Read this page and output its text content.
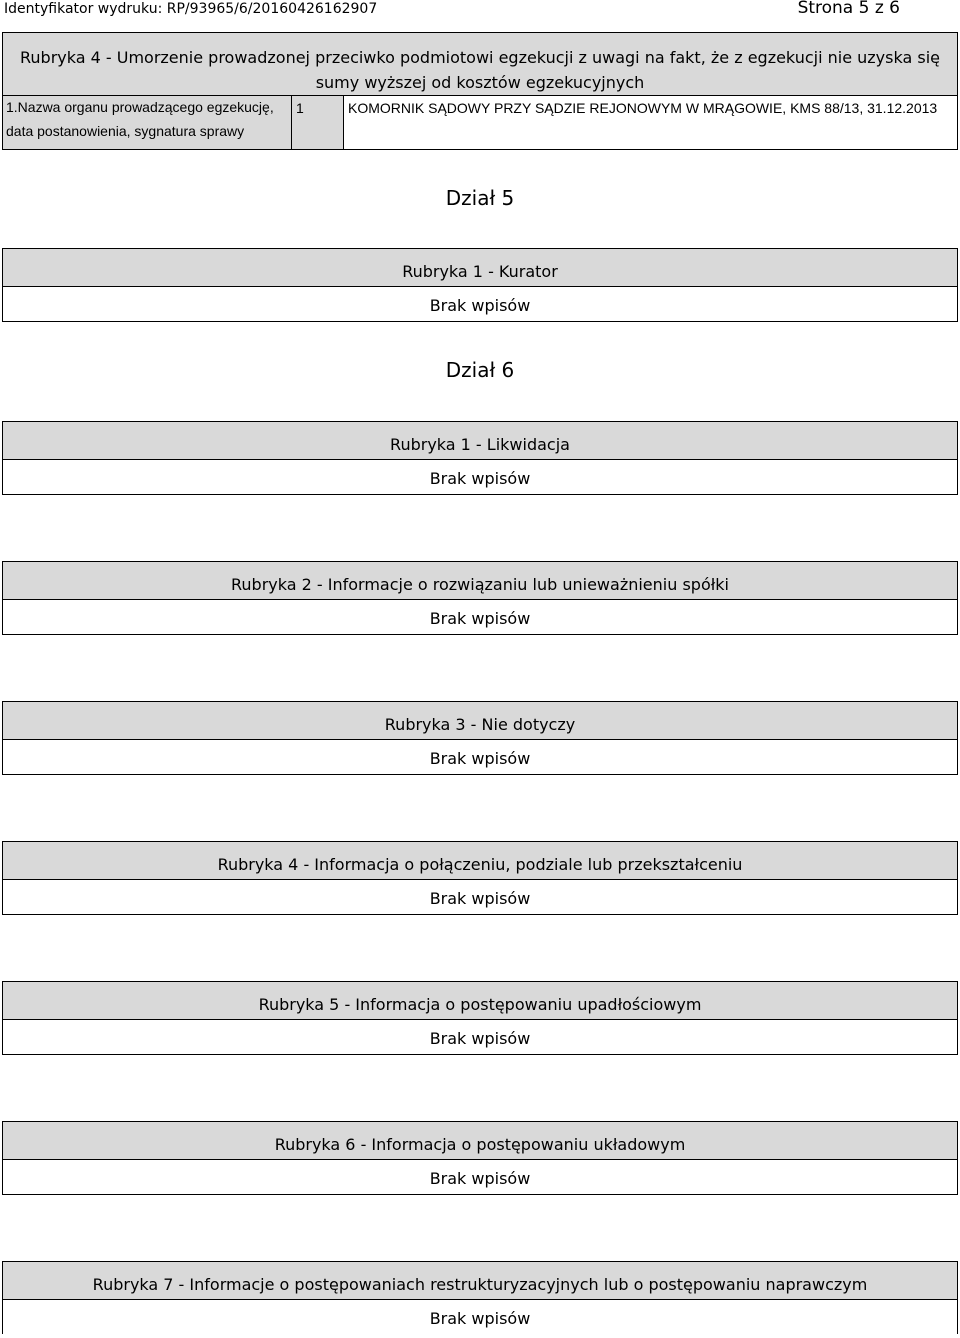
Identyfikator wydruku: RP/93965/6/20160426162907	Strona 5 z 6
Rubryka 4 - Umorzenie prowadzonej przeciwko podmiotowi egzekucji z uwagi na fakt, że z egzekucji nie uzyska się
sumy wyższej od kosztów egzekucyjnych
1.Nazwa organu prowadzącego egzekucję,
data postanowienia, sygnatura sprawy
1	KOMORNIK SĄDOWY PRZY SĄDZIE REJONOWYM W MRĄGOWIE, KMS 88/13, 31.12.2013
Dział 5
Rubryka 1 - Kurator
Brak wpisów
Dział 6
Rubryka 1 - Likwidacja
Brak wpisów
Rubryka 2 - Informacje o rozwiązaniu lub unieważnieniu spółki
Brak wpisów
Rubryka 3 - Nie dotyczy
Brak wpisów
Rubryka 4 - Informacja o połączeniu, podziale lub przekształceniu
Brak wpisów
Rubryka 5 - Informacja o postępowaniu upadłościowym
Brak wpisów
Rubryka 6 - Informacja o postępowaniu układowym
Brak wpisów
Rubryka 7 - Informacje o postępowaniach restrukturyzacyjnych lub o postępowaniu naprawczym
Brak wpisów
